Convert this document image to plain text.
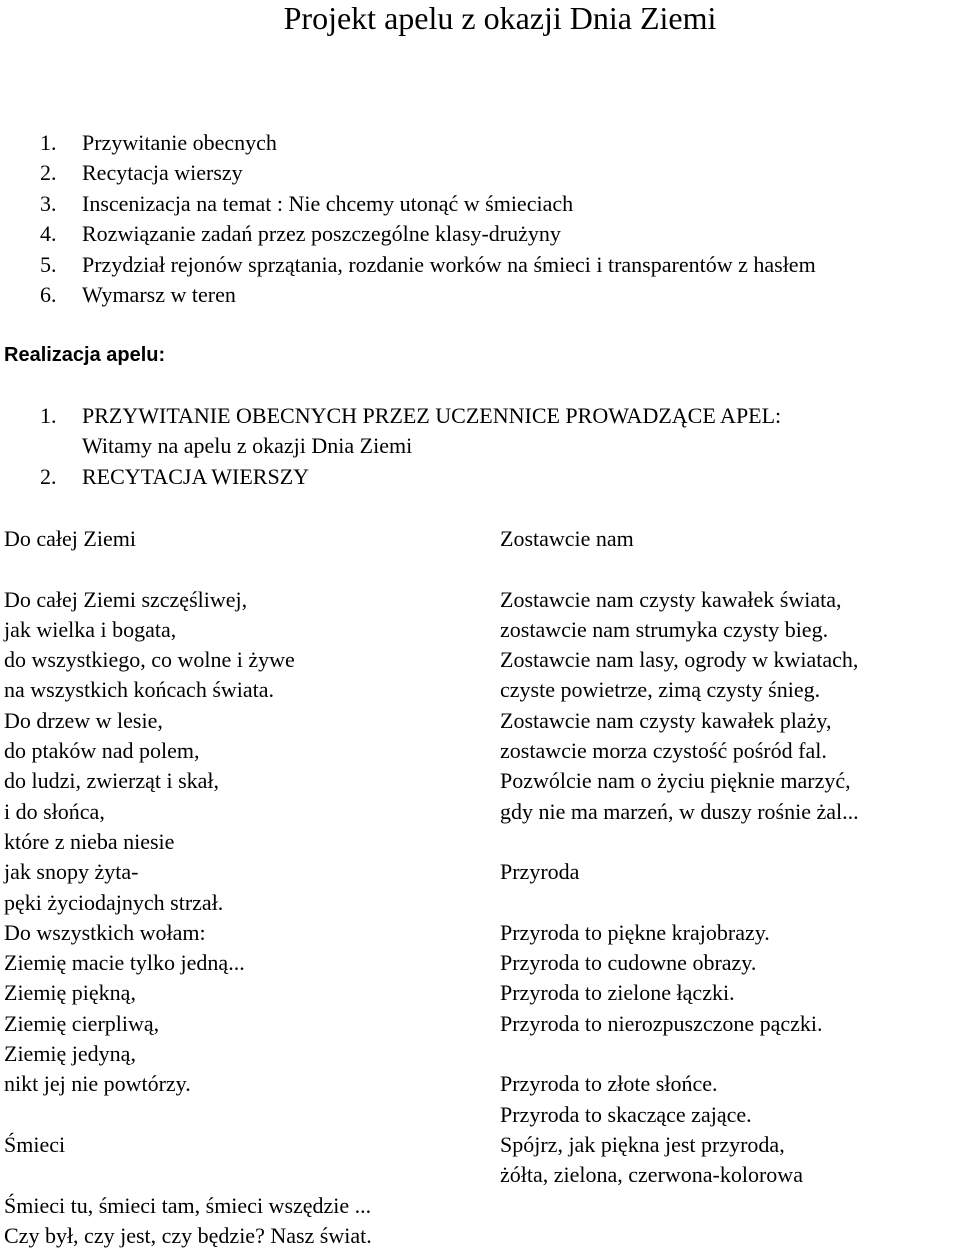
Projekt apelu z okazji Dnia Ziemi
1. Przywitanie obecnych
2. Recytacja wierszy
3. Inscenizacja na temat : Nie chcemy utonąć w śmieciach
4. Rozwiązanie zadań przez poszczególne klasy-drużyny
5. Przydział rejonów sprzątania, rozdanie worków na śmieci i transparentów z hasłem
6. Wymarsz w teren
Realizacja apelu:
1. PRZYWITANIE OBECNYCH PRZEZ UCZENNICE PROWADZĄCE APEL:
Witamy na apelu z okazji Dnia Ziemi
2. RECYTACJA WIERSZY
Do całej Ziemi
Do całej Ziemi szczęśliwej,
jak wielka i bogata,
do wszystkiego, co wolne i żywe
na wszystkich końcach świata.
Do drzew w lesie,
do ptaków nad polem,
do ludzi, zwierząt i skał,
i do słońca,
które z nieba niesie
jak snopy żyta-
pęki życiodajnych strzał.
Do wszystkich wołam:
Ziemię macie tylko jedną...
Ziemię piękną,
Ziemię cierpliwą,
Ziemię jedyną,
nikt jej nie powtórzy.
Śmieci
Śmieci tu, śmieci tam, śmieci wszędzie ...
Czy był, czy jest, czy będzie? Nasz świat.
Zostawcie nam
Zostawcie nam czysty kawałek świata,
zostawcie nam strumyka czysty bieg.
Zostawcie nam lasy, ogrody w kwiatach,
czyste powietrze, zimą czysty śnieg.
Zostawcie nam czysty kawałek plaży,
zostawcie morza czystość pośród fal.
Pozwólcie nam o życiu pięknie marzyć,
gdy nie ma marzeń, w duszy rośnie żal...
Przyroda
Przyroda to piękne krajobrazy.
Przyroda to cudowne obrazy.
Przyroda to zielone łączki.
Przyroda to nierozpuszczone pączki.
Przyroda to złote słońce.
Przyroda to skaczące zające.
Spójrz, jak piękna jest przyroda,
żółta, zielona, czerwona-kolorowa
